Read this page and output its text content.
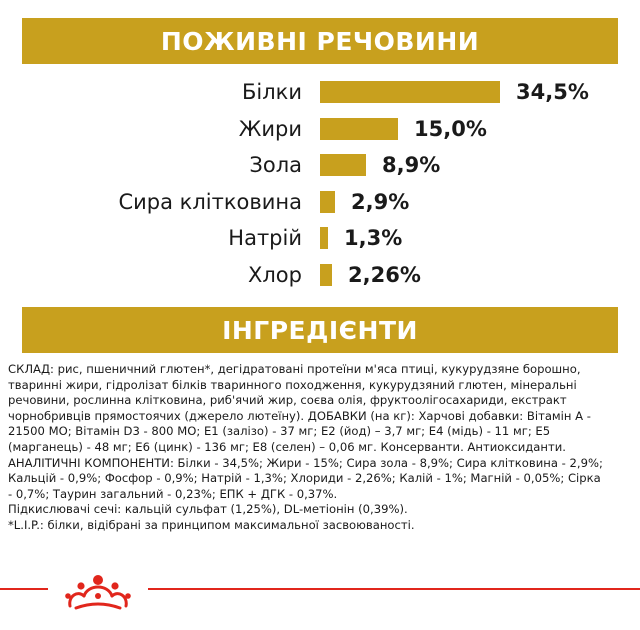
ПОЖИВНІ РЕЧОВИНИ
Білки	34,5%
Жири	15,0%
Зола	8,9%
Сира клітковина 2,9%
Натрій 1,3%
Хлор 2,26%
ІНГРЕДІЄНТИ

СКЛАД: рис, пшеничний глютен*, дегідратовані протеїни м'яса птиці, кукурудзяне борошно, тваринні жири, гідролізат білків тваринного походження, кукурудзяний глютен, мінеральні речовини, рослинна клітковина, риб'ячий жир, соєва олія, фруктоолігосахариди, екстракт чорнобривців прямостоячих (джерело лютеїну). ДОБАВКИ (на кг): Харчові добавки: Вітамін А - 21500 МО; Вітамін D3 - 800 МО; E1 (залізо) - 37 мг; E2 (йод) – 3,7 мг; E4 (мідь) - 11 мг; E5 (марганець) - 48 мг; E6 (цинк) - 136 мг; E8 (селен) – 0,06 мг. Консерванти. Антиоксиданти. АНАЛІТИЧНІ КОМПОНЕНТИ: Білки - 34,5%; Жири - 15%; Сира зола - 8,9%; Сира клітковина - 2,9%; Кальцій - 0,9%; Фосфор - 0,9%; Натрій - 1,3%; Хлориди - 2,26%; Калій - 1%; Магній - 0,05%; Сірка - 0,7%; Таурин загальний - 0,23%; ЕПК + ДГК - 0,37%.

Підкислювачі сечі: кальцій сульфат (1,25%), DL-метіонін (0,39%).

*L.I.P.: білки, відібрані за принципом максимальної засвоюваності.
